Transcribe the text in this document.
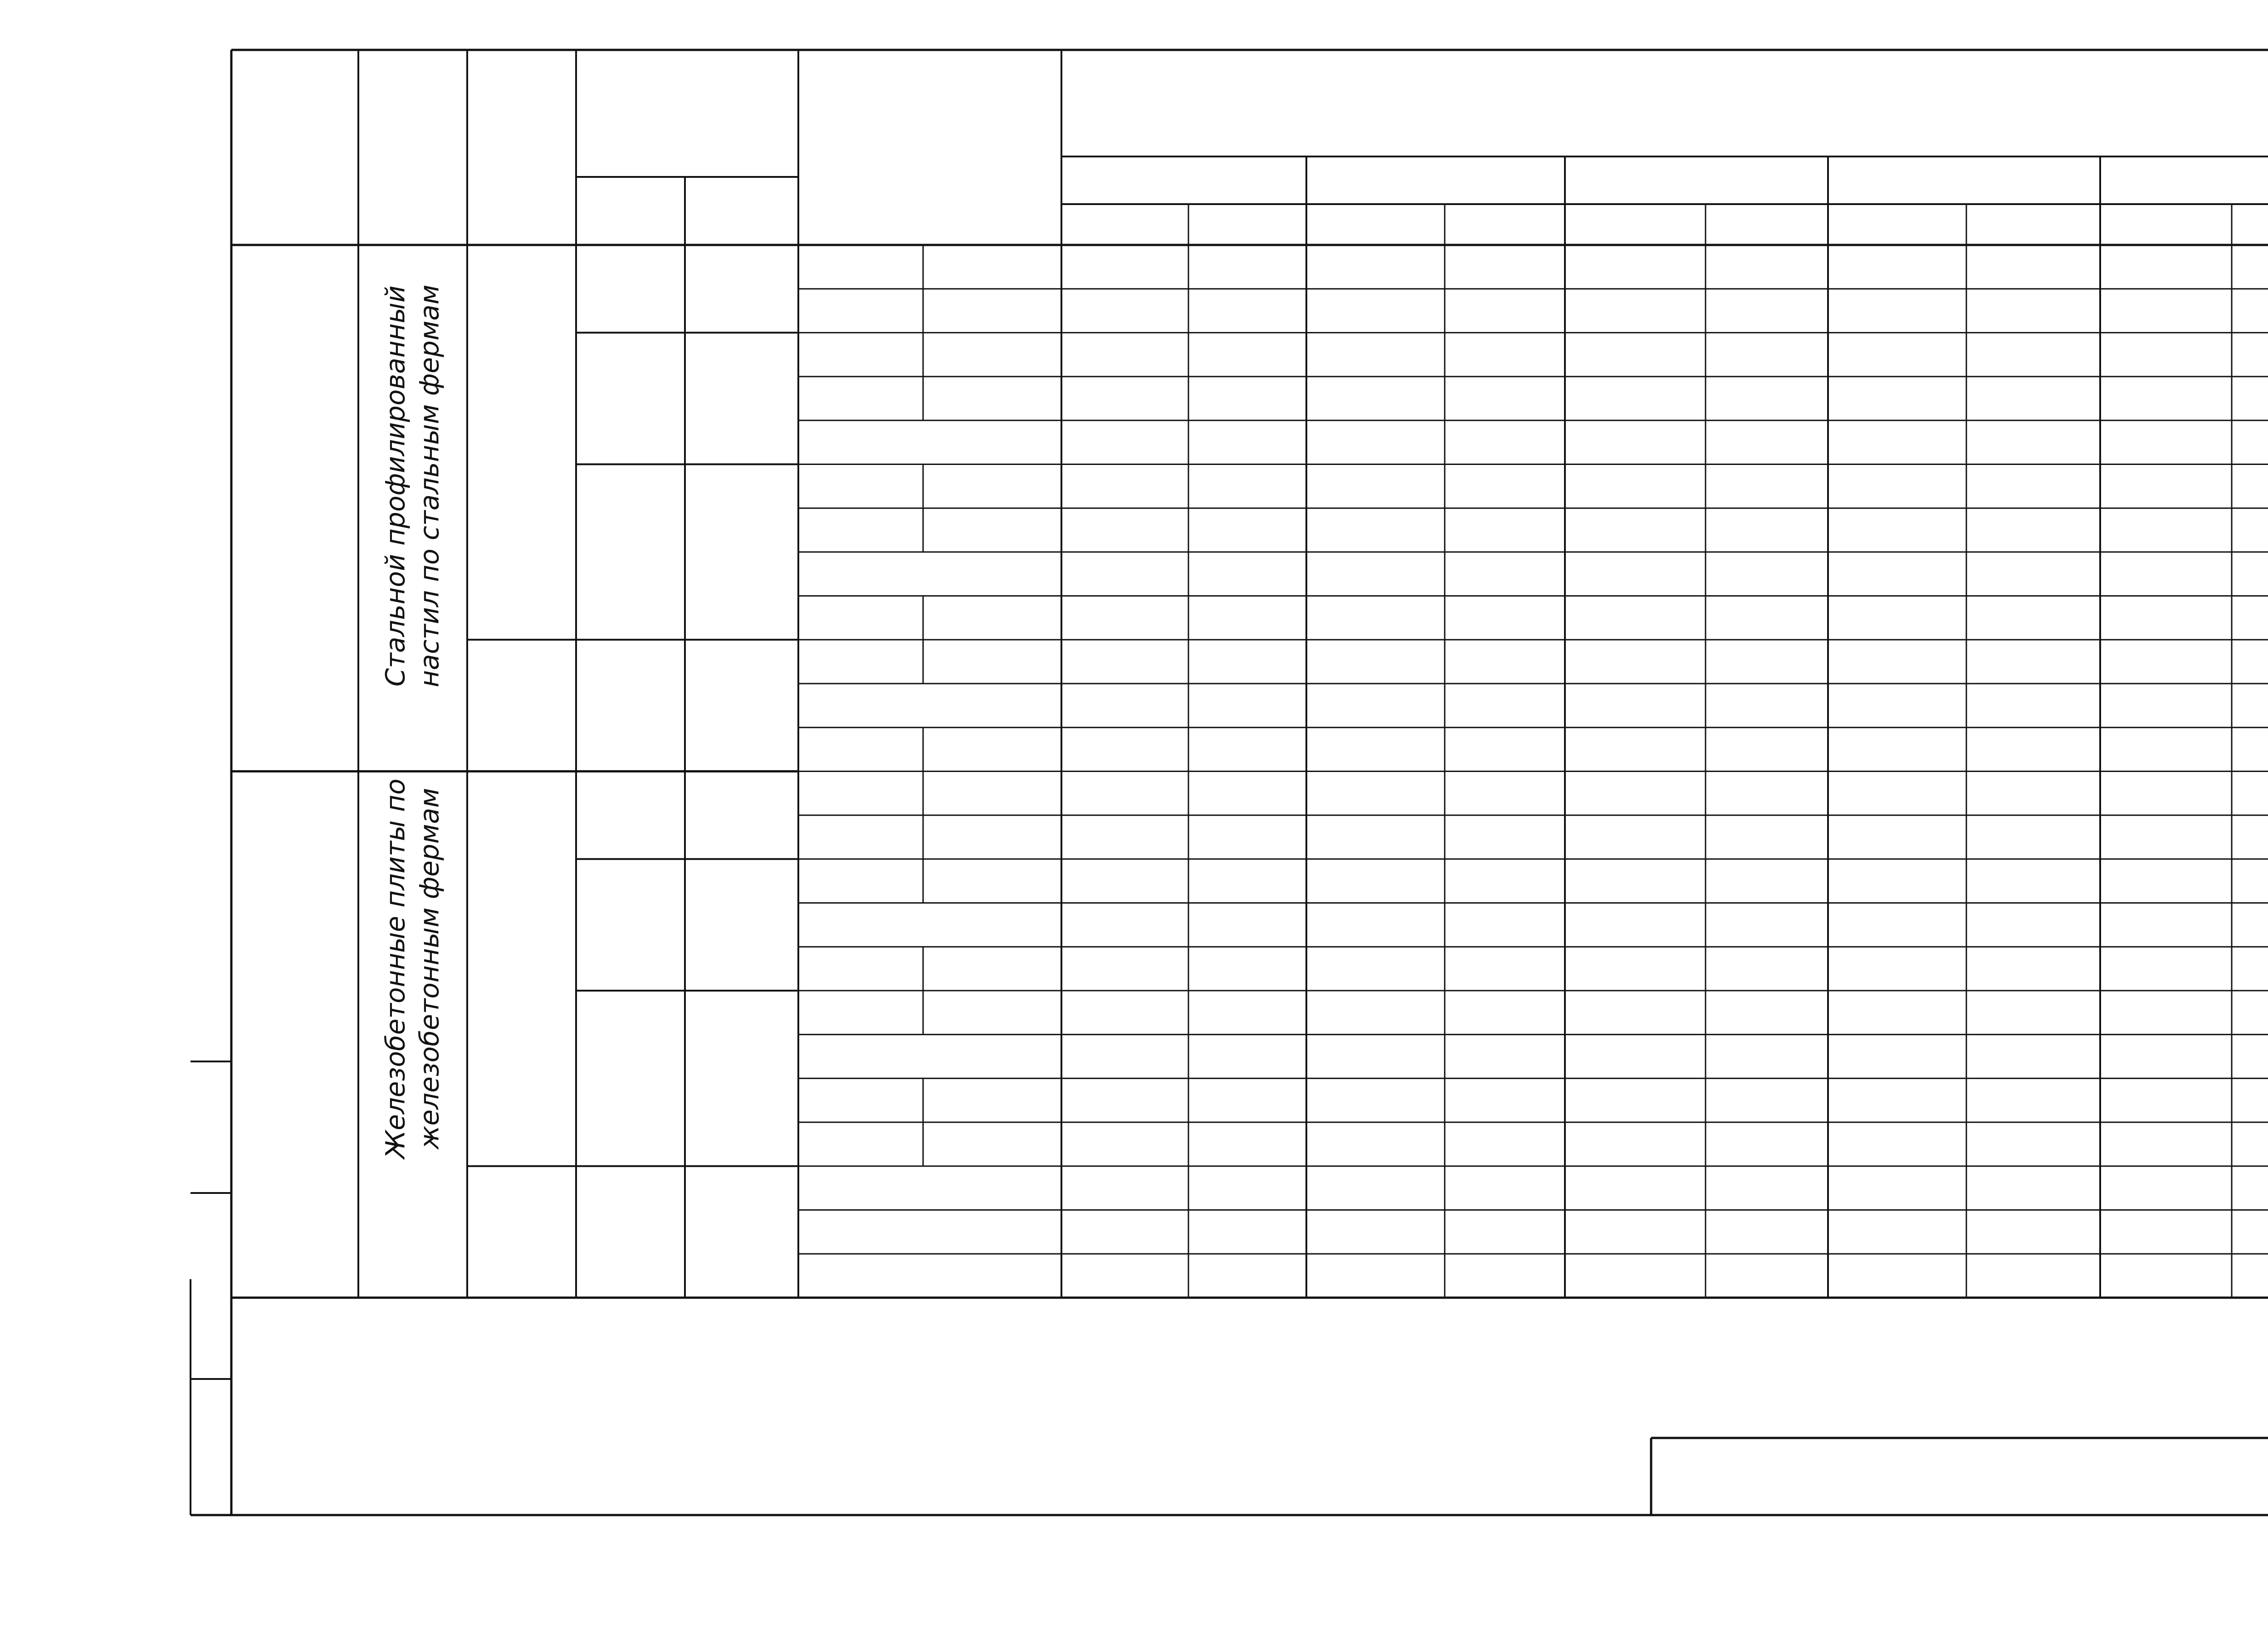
Стальной профилированный настил по стальным фермам
Железобетонные плиты по железобетонным фермам
